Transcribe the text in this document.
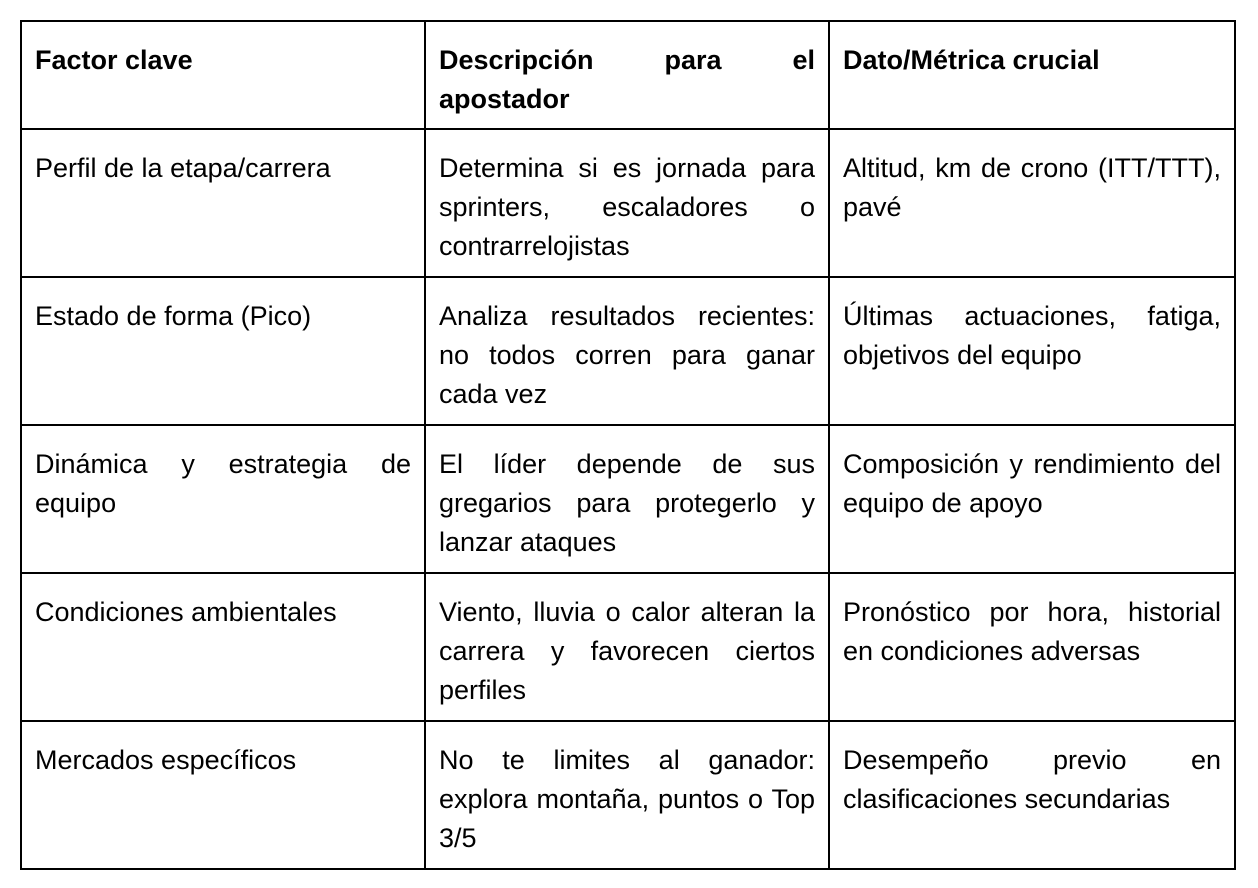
Factor clave	Descripción para el apostador	Dato/Métrica crucial
Perfil de la etapa/carrera	Determina si es jornada para sprinters, escaladores o contrarrelojistas	Altitud, km de crono (ITT/TTT), pavé
Estado de forma (Pico)	Analiza resultados recientes: no todos corren para ganar cada vez	Últimas actuaciones, fatiga, objetivos del equipo
Dinámica y estrategia de equipo	El líder depende de sus gregarios para protegerlo y lanzar ataques	Composición y rendimiento del equipo de apoyo
Condiciones ambientales	Viento, lluvia o calor alteran la carrera y favorecen ciertos perfiles	Pronóstico por hora, historial en condiciones adversas
Mercados específicos	No te limites al ganador: explora montaña, puntos o Top 3/5	Desempeño previo en clasificaciones secundarias
